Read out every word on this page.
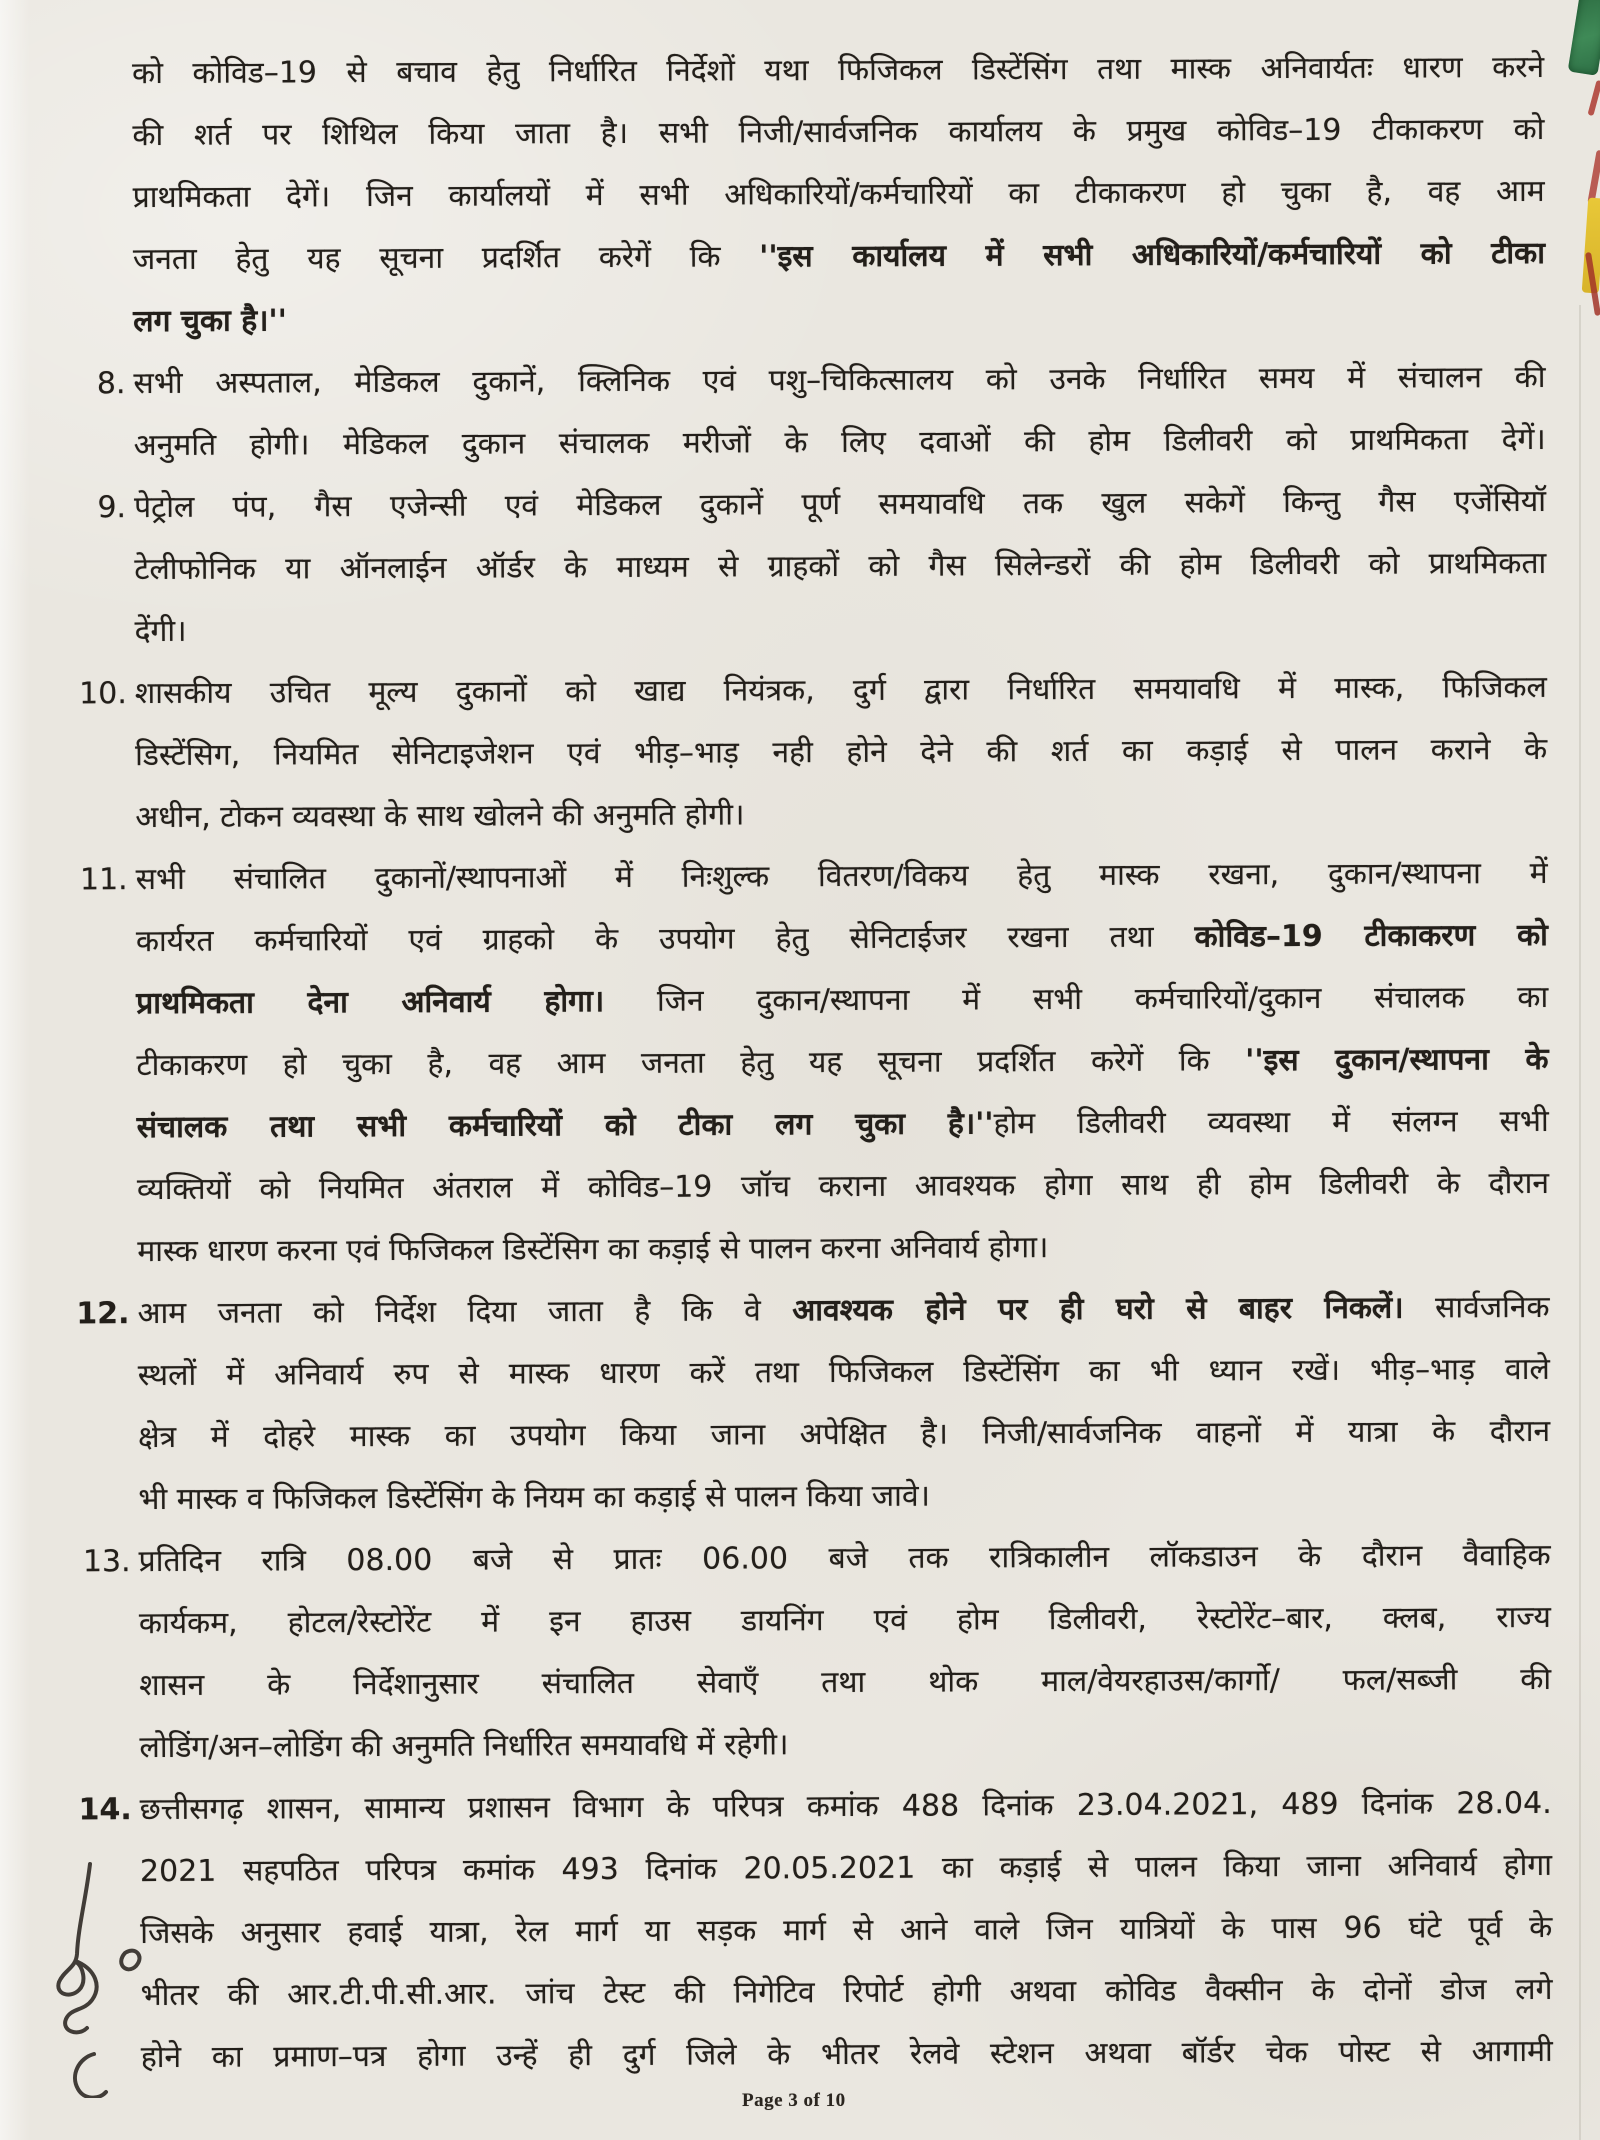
को कोविड–19 से बचाव हेतु निर्धारित निर्देशों यथा फिजिकल डिस्टेंसिंग तथा मास्क अनिवार्यतः धारण करने
की शर्त पर शिथिल किया जाता है। सभी निजी/सार्वजनिक कार्यालय के प्रमुख कोविड–19 टीकाकरण को
प्राथमिकता देगें। जिन कार्यालयों में सभी अधिकारियों/कर्मचारियों का टीकाकरण हो चुका है, वह आम
जनता हेतु यह सूचना प्रदर्शित करेगें कि ''इस कार्यालय में सभी अधिकारियों/कर्मचारियों को टीका
लग चुका है।''
8. सभी अस्पताल, मेडिकल दुकानें, क्लिनिक एवं पशु–चिकित्सालय को उनके निर्धारित समय में संचालन की
अनुमति होगी। मेडिकल दुकान संचालक मरीजों के लिए दवाओं की होम डिलीवरी को प्राथमिकता देगें।
9. पेट्रोल पंप, गैस एजेन्सी एवं मेडिकल दुकानें पूर्ण समयावधि तक खुल सकेगें किन्तु गैस एजेंसियॉ
टेलीफोनिक या ऑनलाईन ऑर्डर के माध्यम से ग्राहकों को गैस सिलेन्डरों की होम डिलीवरी को प्राथमिकता
देंगी।
10. शासकीय उचित मूल्य दुकानों को खाद्य नियंत्रक, दुर्ग द्वारा निर्धारित समयावधि में मास्क, फिजिकल
डिस्टेंसिग, नियमित सेनिटाइजेशन एवं भीड़–भाड़ नही होने देने की शर्त का कड़ाई से पालन कराने के
अधीन, टोकन व्यवस्था के साथ खोलने की अनुमति होगी।
11. सभी संचालित दुकानों/स्थापनाओं में निःशुल्क वितरण/विकय हेतु मास्क रखना, दुकान/स्थापना में
कार्यरत कर्मचारियों एवं ग्राहको के उपयोग हेतु सेनिटाईजर रखना तथा कोविड–19 टीकाकरण को
प्राथमिकता देना अनिवार्य होगा। जिन दुकान/स्थापना में सभी कर्मचारियों/दुकान संचालक का
टीकाकरण हो चुका है, वह आम जनता हेतु यह सूचना प्रदर्शित करेगें कि ''इस दुकान/स्थापना के
संचालक तथा सभी कर्मचारियों को टीका लग चुका है।''होम डिलीवरी व्यवस्था में संलग्न सभी
व्यक्तियों को नियमित अंतराल में कोविड–19 जॉच कराना आवश्यक होगा साथ ही होम डिलीवरी के दौरान
मास्क धारण करना एवं फिजिकल डिस्टेंसिग का कड़ाई से पालन करना अनिवार्य होगा।
12. आम जनता को निर्देश दिया जाता है कि वे आवश्यक होने पर ही घरो से बाहर निकलें। सार्वजनिक
स्थलों में अनिवार्य रुप से मास्क धारण करें तथा फिजिकल डिस्टेंसिंग का भी ध्यान रखें। भीड़–भाड़ वाले
क्षेत्र में दोहरे मास्क का उपयोग किया जाना अपेक्षित है। निजी/सार्वजनिक वाहनों में यात्रा के दौरान
भी मास्क व फिजिकल डिस्टेंसिंग के नियम का कड़ाई से पालन किया जावे।
13. प्रतिदिन रात्रि 08.00 बजे से प्रातः 06.00 बजे तक रात्रिकालीन लॉकडाउन के दौरान वैवाहिक
कार्यकम, होटल/रेस्टोरेंट में इन हाउस डायनिंग एवं होम डिलीवरी, रेस्टोरेंट–बार, क्लब, राज्य
शासन के निर्देशानुसार संचालित सेवाएँ तथा थोक माल/वेयरहाउस/कार्गो/ फल/सब्जी की
लोडिंग/अन–लोडिंग की अनुमति निर्धारित समयावधि में रहेगी।
14. छत्तीसगढ़ शासन, सामान्य प्रशासन विभाग के परिपत्र कमांक 488 दिनांक 23.04.2021, 489 दिनांक 28.04.
2021 सहपठित परिपत्र कमांक 493 दिनांक 20.05.2021 का कड़ाई से पालन किया जाना अनिवार्य होगा
जिसके अनुसार हवाई यात्रा, रेल मार्ग या सड़क मार्ग से आने वाले जिन यात्रियों के पास 96 घंटे पूर्व के
भीतर की आर.टी.पी.सी.आर. जांच टेस्ट की निगेटिव रिपोर्ट होगी अथवा कोविड वैक्सीन के दोनों डोज लगे
होने का प्रमाण–पत्र होगा उन्हें ही दुर्ग जिले के भीतर रेलवे स्टेशन अथवा बॉर्डर चेक पोस्ट से आगामी
Page 3 of 10
